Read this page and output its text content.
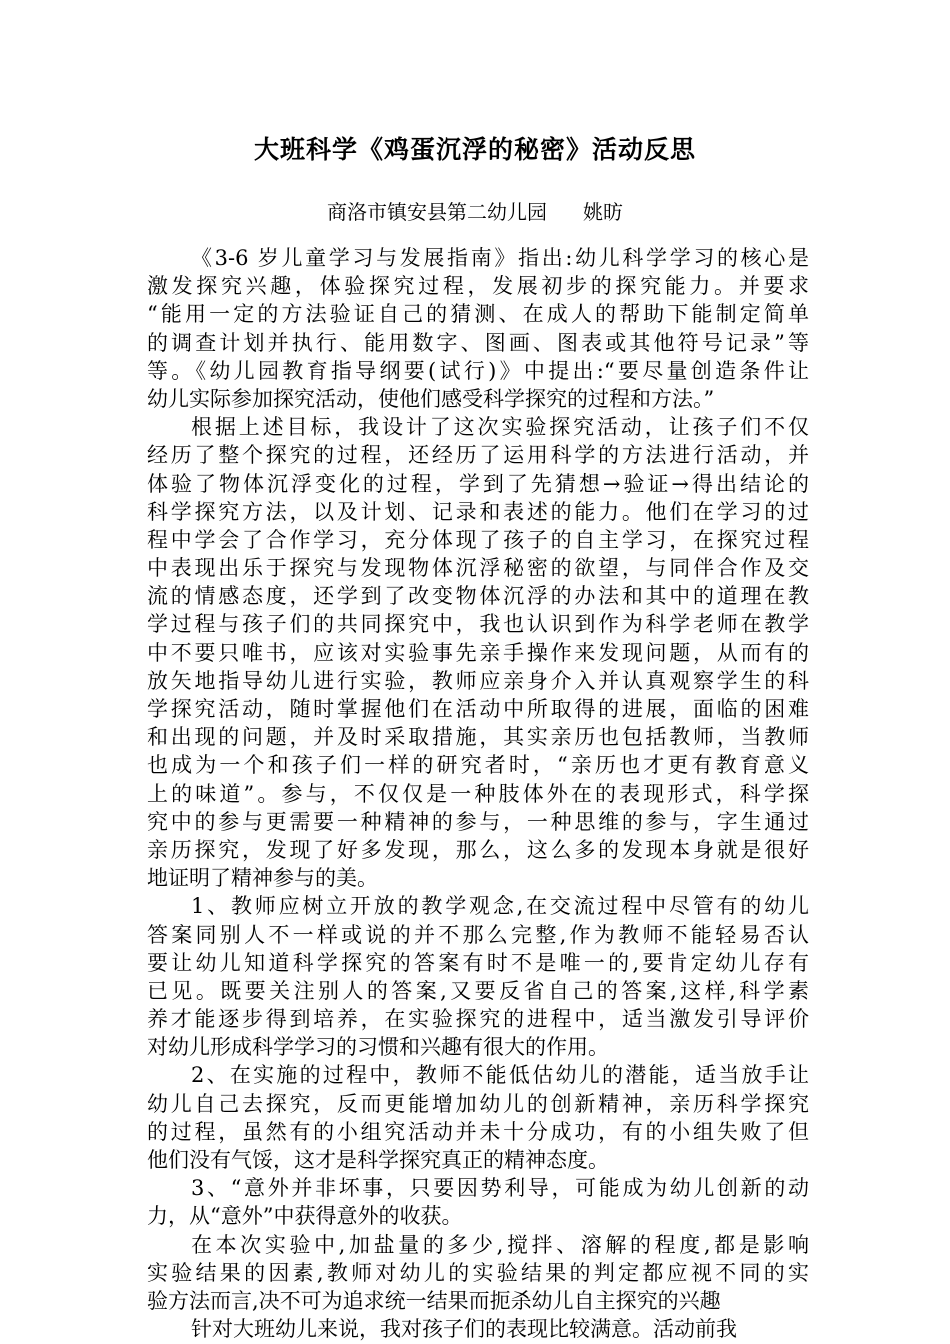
大班科学《鸡蛋沉浮的秘密》活动反思
商洛市镇安县第二幼儿园 姚昉
《3-6 岁儿童学习与发展指南》指出:幼儿科学学习的核心是
激发探究兴趣，体验探究过程，发展初步的探究能力。并要求
“能用一定的方法验证自己的猜测、在成人的帮助下能制定简单
的调查计划并执行、能用数字、图画、图表或其他符号记录”等
等。《幼儿园教育指导纲要(试行)》中提出:“要尽量创造条件让
幼儿实际参加探究活动，使他们感受科学探究的过程和方法。”
根据上述目标，我设计了这次实验探究活动，让孩子们不仅
经历了整个探究的过程，还经历了运用科学的方法进行活动，并
体验了物体沉浮变化的过程，学到了先猜想→验证→得出结论的
科学探究方法，以及计划、记录和表述的能力。他们在学习的过
程中学会了合作学习，充分体现了孩子的自主学习，在探究过程
中表现出乐于探究与发现物体沉浮秘密的欲望，与同伴合作及交
流的情感态度，还学到了改变物体沉浮的办法和其中的道理在教
学过程与孩子们的共同探究中，我也认识到作为科学老师在教学
中不要只唯书，应该对实验事先亲手操作来发现问题，从而有的
放矢地指导幼儿进行实验，教师应亲身介入并认真观察学生的科
学探究活动，随时掌握他们在活动中所取得的进展，面临的困难
和出现的问题，并及时采取措施，其实亲历也包括教师，当教师
也成为一个和孩子们一样的研究者时，“亲历也才更有教育意义
上的味道”。参与，不仅仅是一种肢体外在的表现形式，科学探
究中的参与更需要一种精神的参与，一种思维的参与，字生通过
亲历探究，发现了好多发现，那么，这么多的发现本身就是很好
地证明了精神参与的美。
1、教师应树立开放的教学观念,在交流过程中尽管有的幼儿
答案同别人不一样或说的并不那么完整,作为教师不能轻易否认
要让幼儿知道科学探究的答案有时不是唯一的,要肯定幼儿存有
已见。既要关注别人的答案,又要反省自己的答案,这样,科学素
养才能逐步得到培养，在实验探究的进程中，适当激发引导评价
对幼儿形成科学学习的习惯和兴趣有很大的作用。
2、在实施的过程中，教师不能低估幼儿的潜能，适当放手让
幼儿自己去探究，反而更能增加幼儿的创新精神，亲历科学探究
的过程，虽然有的小组究活动并未十分成功，有的小组失败了但
他们没有气馁，这才是科学探究真正的精神态度。
3、“意外并非坏事，只要因势利导，可能成为幼儿创新的动
力，从“意外”中获得意外的收获。
在本次实验中,加盐量的多少,搅拌、溶解的程度,都是影响
实验结果的因素,教师对幼儿的实验结果的判定都应视不同的实
验方法而言,决不可为追求统一结果而扼杀幼儿自主探究的兴趣
针对大班幼儿来说，我对孩子们的表现比较满意。活动前我
